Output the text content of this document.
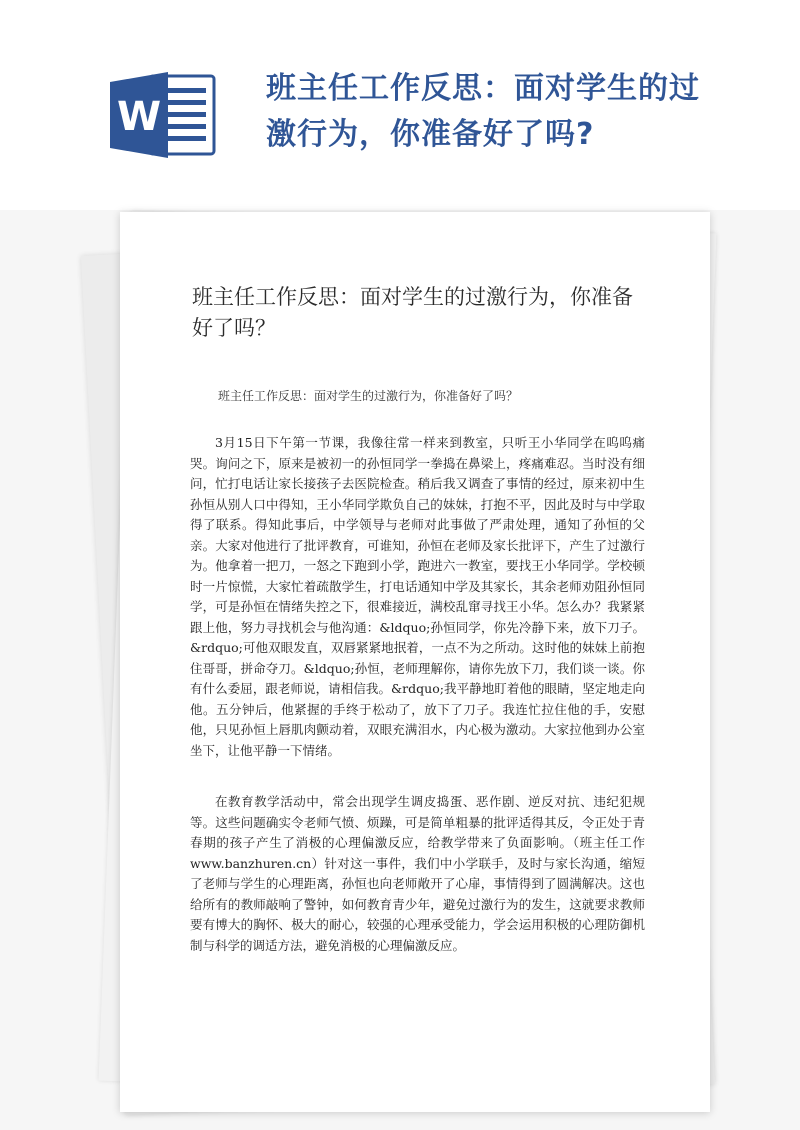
W
班主任工作反思：面对学生的过激行为，你准备好了吗?
班主任工作反思：面对学生的过激行为，你准备好了吗？
班主任工作反思：面对学生的过激行为，你准备好了吗？

3月15日下午第一节课，我像往常一样来到教室，只听王小华同学在呜呜痛哭。询问之下，原来是被初一的孙恒同学一拳捣在鼻梁上，疼痛难忍。当时没有细问，忙打电话让家长接孩子去医院检查。稍后我又调查了事情的经过，原来初中生孙恒从别人口中得知，王小华同学欺负自己的妹妹，打抱不平，因此及时与中学取得了联系。得知此事后，中学领导与老师对此事做了严肃处理，通知了孙恒的父亲。大家对他进行了批评教育，可谁知，孙恒在老师及家长批评下，产生了过激行为。他拿着一把刀，一怒之下跑到小学，跑进六一教室，要找王小华同学。学校顿时一片惊慌，大家忙着疏散学生，打电话通知中学及其家长，其余老师劝阻孙恒同学，可是孙恒在情绪失控之下，很难接近，满校乱窜寻找王小华。怎么办？我紧紧跟上他，努力寻找机会与他沟通：&ldquo;孙恒同学，你先冷静下来，放下刀子。&rdquo;可他双眼发直，双唇紧紧地抿着，一点不为之所动。这时他的妹妹上前抱住哥哥，拼命夺刀。&ldquo;孙恒，老师理解你，请你先放下刀，我们谈一谈。你有什么委屈，跟老师说，请相信我。&rdquo;我平静地盯着他的眼睛，坚定地走向他。五分钟后，他紧握的手终于松动了，放下了刀子。我连忙拉住他的手，安慰他，只见孙恒上唇肌肉颤动着，双眼充满泪水，内心极为激动。大家拉他到办公室坐下，让他平静一下情绪。

在教育教学活动中，常会出现学生调皮捣蛋、恶作剧、逆反对抗、违纪犯规等。这些问题确实令老师气愤、烦躁，可是简单粗暴的批评适得其反，令正处于青春期的孩子产生了消极的心理偏激反应，给教学带来了负面影响。（班主任工作 www.banzhuren.cn）针对这一事件，我们中小学联手，及时与家长沟通，缩短了老师与学生的心理距离，孙恒也向老师敞开了心扉，事情得到了圆满解决。这也给所有的教师敲响了警钟，如何教育青少年，避免过激行为的发生，这就要求教师要有博大的胸怀、极大的耐心，较强的心理承受能力，学会运用积极的心理防御机制与科学的调适方法，避免消极的心理偏激反应。
